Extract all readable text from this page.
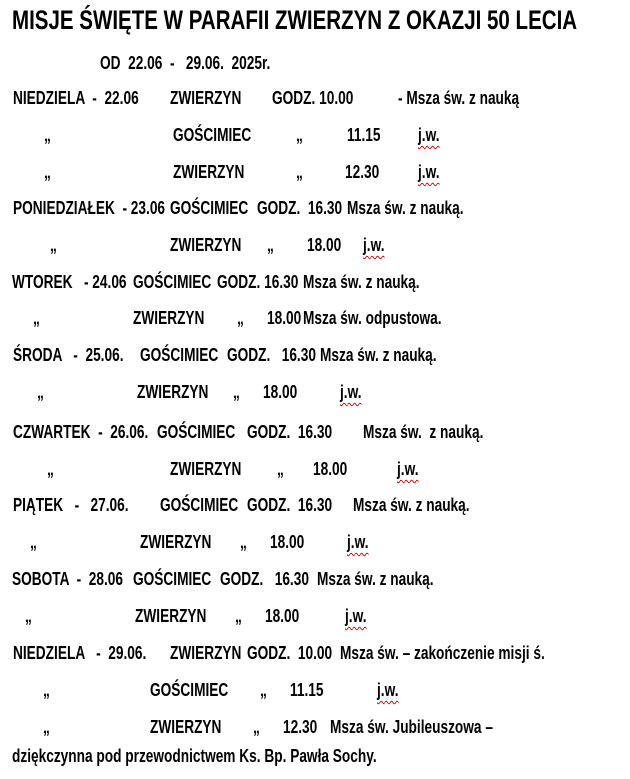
MISJE ŚWIĘTE W PARAFII ZWIERZYN Z OKAZJI 50 LECIA
OD  22.06  -   29.06.  2025r.
NIEDZIELA  -  22.06 ZWIERZYN GODZ. 10.00 - Msza św. z nauką
„	GOŚCIMIEC „ 11.15 j.w.
„	ZWIERZYN	„ 12.30 j.w.
PONIEDZIAŁEK  - 23.06 GOŚCIMIEC GODZ.  16.30 Msza św. z nauką.
„	ZWIERZYN „ 18.00 j.w.
WTOREK   - 24.06 GOŚCIMIEC GODZ. 16.30 Msza św. z nauką.
„	ZWIERZYN „ 18.00 Msza św. odpustowa.
ŚRODA   -  25.06. GOŚCIMIEC GODZ.   16.30 Msza św. z nauką.
„	ZWIERZYN „ 18.00 j.w.
CZWARTEK  -  26.06. GOŚCIMIEC GODZ.  16.30 Msza św.  z nauką.
„	ZWIERZYN „ 18.00	j.w.
PIĄTEK   -   27.06. GOŚCIMIEC GODZ.  16.30 Msza św. z nauką.
„	ZWIERZYN „ 18.00 j.w.
SOBOTA  -  28.06 GOŚCIMIEC GODZ.   16.30 Msza św. z nauką.
„	ZWIERZYN „ 18.00	j.w.
NIEDZIELA   -  29.06. ZWIERZYN GODZ.  10.00 Msza św. – zakończenie misji ś.
„	GOŚCIMIEC „ 11.15	j.w.
„	ZWIERZYN „ 12.30 Msza św. Jubileuszowa –
dziękczynna pod przewodnictwem Ks. Bp. Pawła Sochy.
